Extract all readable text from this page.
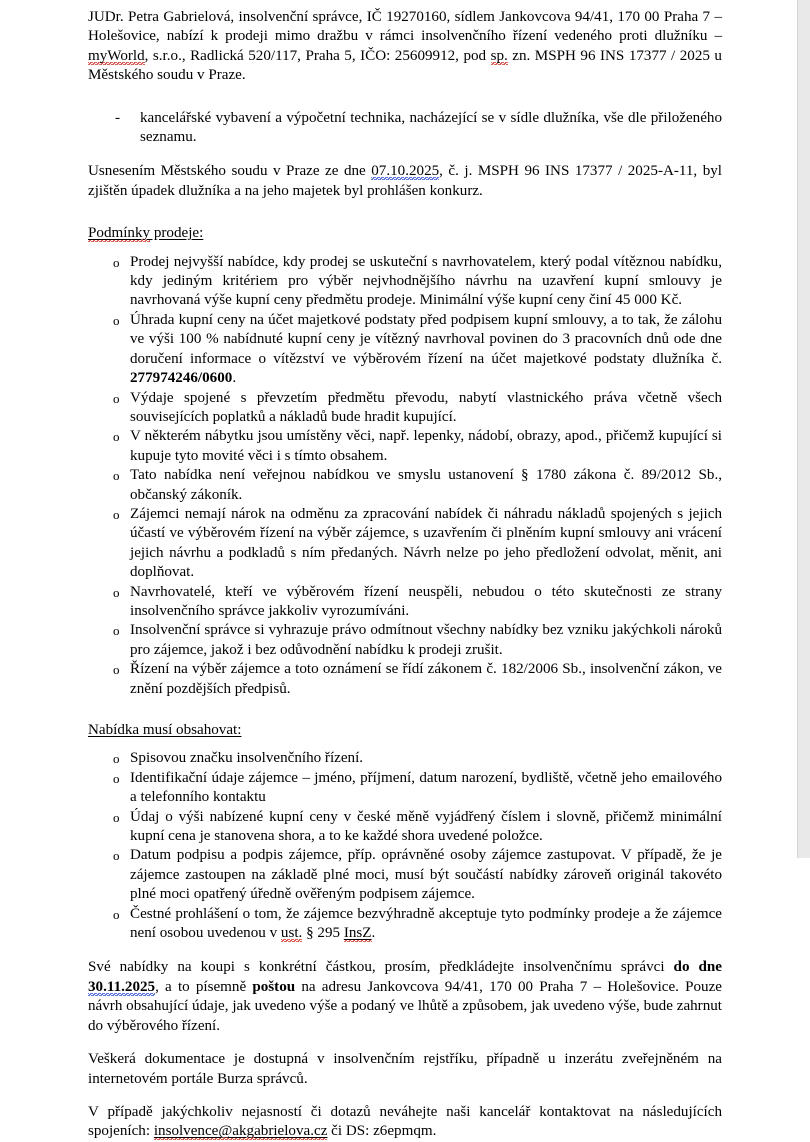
JUDr. Petra Gabrielová, insolvenční správce, IČ 19270160, sídlem Jankovcova 94/41, 170 00 Praha 7 – Holešovice, nabízí k prodeji mimo dražbu v rámci insolvenčního řízení vedeného proti dlužníku – myWorld, s.r.o., Radlická 520/117, Praha 5, IČO: 25609912, pod sp. zn. MSPH 96 INS 17377 / 2025 u Městského soudu v Praze.

- kancelářské vybavení a výpočetní technika, nacházející se v sídle dlužníka, vše dle přiloženého seznamu.

Usnesením Městského soudu v Praze ze dne 07.10.2025, č. j. MSPH 96 INS 17377 / 2025-A-11, byl zjištěn úpadek dlužníka a na jeho majetek byl prohlášen konkurz.

Podmínky prodeje:

o Prodej nejvyšší nabídce, kdy prodej se uskuteční s navrhovatelem, který podal vítěznou nabídku, kdy jediným kritériem pro výběr nejvhodnějšího návrhu na uzavření kupní smlouvy je navrhovaná výše kupní ceny předmětu prodeje. Minimální výše kupní ceny činí 45 000 Kč.
o Úhrada kupní ceny na účet majetkové podstaty před podpisem kupní smlouvy, a to tak, že zálohu ve výši 100 % nabídnuté kupní ceny je vítězný navrhoval povinen do 3 pracovních dnů ode dne doručení informace o vítězství ve výběrovém řízení na účet majetkové podstaty dlužníka č. 277974246/0600.
o Výdaje spojené s převzetím předmětu převodu, nabytí vlastnického práva včetně všech souvisejících poplatků a nákladů bude hradit kupující.
o V některém nábytku jsou umístěny věci, např. lepenky, nádobí, obrazy, apod., přičemž kupující si kupuje tyto movité věci i s tímto obsahem.
o Tato nabídka není veřejnou nabídkou ve smyslu ustanovení § 1780 zákona č. 89/2012 Sb., občanský zákoník.
o Zájemci nemají nárok na odměnu za zpracování nabídek či náhradu nákladů spojených s jejich účastí ve výběrovém řízení na výběr zájemce, s uzavřením či plněním kupní smlouvy ani vrácení jejich návrhu a podkladů s ním předaných. Návrh nelze po jeho předložení odvolat, měnit, ani doplňovat.
o Navrhovatelé, kteří ve výběrovém řízení neuspěli, nebudou o této skutečnosti ze strany insolvenčního správce jakkoliv vyrozumíváni.
o Insolvenční správce si vyhrazuje právo odmítnout všechny nabídky bez vzniku jakýchkoli nároků pro zájemce, jakož i bez odůvodnění nabídku k prodeji zrušit.
o Řízení na výběr zájemce a toto oznámení se řídí zákonem č. 182/2006 Sb., insolvenční zákon, ve znění pozdějších předpisů.

Nabídka musí obsahovat:

o Spisovou značku insolvenčního řízení.
o Identifikační údaje zájemce – jméno, příjmení, datum narození, bydliště, včetně jeho emailového a telefonního kontaktu
o Údaj o výši nabízené kupní ceny v české měně vyjádřený číslem i slovně, přičemž minimální kupní cena je stanovena shora, a to ke každé shora uvedené položce.
o Datum podpisu a podpis zájemce, příp. oprávněné osoby zájemce zastupovat. V případě, že je zájemce zastoupen na základě plné moci, musí být součástí nabídky zároveň originál takovéto plné moci opatřený úředně ověřeným podpisem zájemce.
o Čestné prohlášení o tom, že zájemce bezvýhradně akceptuje tyto podmínky prodeje a že zájemce není osobou uvedenou v ust. § 295 InsZ.

Své nabídky na koupi s konkrétní částkou, prosím, předkládejte insolvenčnímu správci do dne 30.11.2025, a to písemně poštou na adresu Jankovcova 94/41, 170 00 Praha 7 – Holešovice. Pouze návrh obsahující údaje, jak uvedeno výše a podaný ve lhůtě a způsobem, jak uvedeno výše, bude zahrnut do výběrového řízení.

Veškerá dokumentace je dostupná v insolvenčním rejstříku, případně u inzerátu zveřejněném na internetovém portále Burza správců.

V případě jakýchkoliv nejasností či dotazů neváhejte naši kancelář kontaktovat na následujících spojeních: insolvence@akgabrielova.cz či DS: z6epmqm.
